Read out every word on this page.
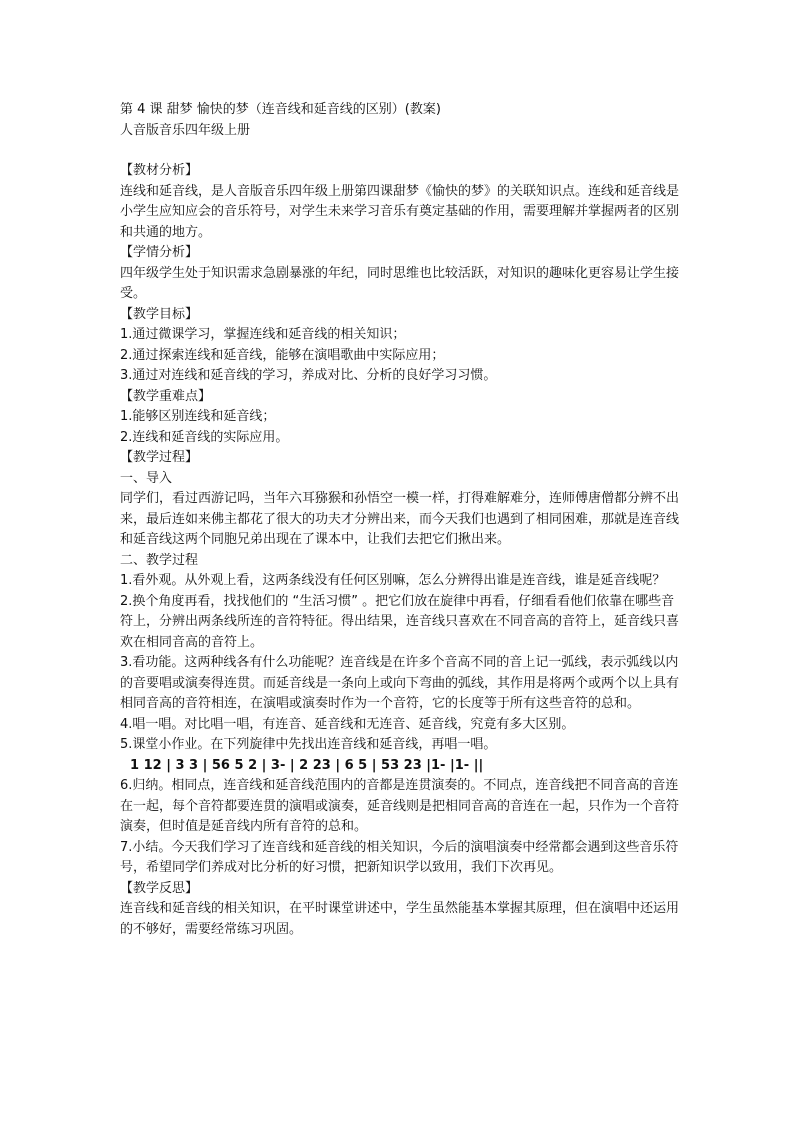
第 4 课 甜梦 愉快的梦（连音线和延音线的区别）(教案)

人音版音乐四年级上册

【教材分析】

连线和延音线，是人音版音乐四年级上册第四课甜梦《愉快的梦》的关联知识点。连线和延音线是小学生应知应会的音乐符号，对学生未来学习音乐有奠定基础的作用，需要理解并掌握两者的区别和共通的地方。

【学情分析】

四年级学生处于知识需求急剧暴涨的年纪，同时思维也比较活跃，对知识的趣味化更容易让学生接受。

【教学目标】

1.通过微课学习，掌握连线和延音线的相关知识；

2.通过探索连线和延音线，能够在演唱歌曲中实际应用；

3.通过对连线和延音线的学习，养成对比、分析的良好学习习惯。

【教学重难点】

1.能够区别连线和延音线；

2.连线和延音线的实际应用。

【教学过程】

一、导入

同学们，看过西游记吗，当年六耳猕猴和孙悟空一模一样，打得难解难分，连师傅唐僧都分辨不出来，最后连如来佛主都花了很大的功夫才分辨出来，而今天我们也遇到了相同困难，那就是连音线和延音线这两个同胞兄弟出现在了课本中，让我们去把它们揪出来。

二、教学过程

1.看外观。从外观上看，这两条线没有任何区别嘛，怎么分辨得出谁是连音线，谁是延音线呢？

2.换个角度再看，找找他们的 “生活习惯” 。把它们放在旋律中再看，仔细看看他们依靠在哪些音符上，分辨出两条线所连的音符特征。得出结果，连音线只喜欢在不同音高的音符上，延音线只喜欢在相同音高的音符上。

3.看功能。这两种线各有什么功能呢？连音线是在许多个音高不同的音上记一弧线，表示弧线以内的音要唱或演奏得连贯。而延音线是一条向上或向下弯曲的弧线，其作用是将两个或两个以上具有相同音高的音符相连，在演唱或演奏时作为一个音符，它的长度等于所有这些音符的总和。

4.唱一唱。对比唱一唱，有连音、延音线和无连音、延音线，究竟有多大区别。

5.课堂小作业。在下列旋律中先找出连音线和延音线，再唱一唱。

1 12 | 3 3 | 56 5 2 | 3- | 2 23 | 6 5 | 53 23 |1- |1- ||

6.归纳。相同点，连音线和延音线范围内的音都是连贯演奏的。不同点，连音线把不同音高的音连在一起，每个音符都要连贯的演唱或演奏，延音线则是把相同音高的音连在一起，只作为一个音符演奏，但时值是延音线内所有音符的总和。

7.小结。今天我们学习了连音线和延音线的相关知识，今后的演唱演奏中经常都会遇到这些音乐符号，希望同学们养成对比分析的好习惯，把新知识学以致用，我们下次再见。

【教学反思】

连音线和延音线的相关知识，在平时课堂讲述中，学生虽然能基本掌握其原理，但在演唱中还运用的不够好，需要经常练习巩固。
